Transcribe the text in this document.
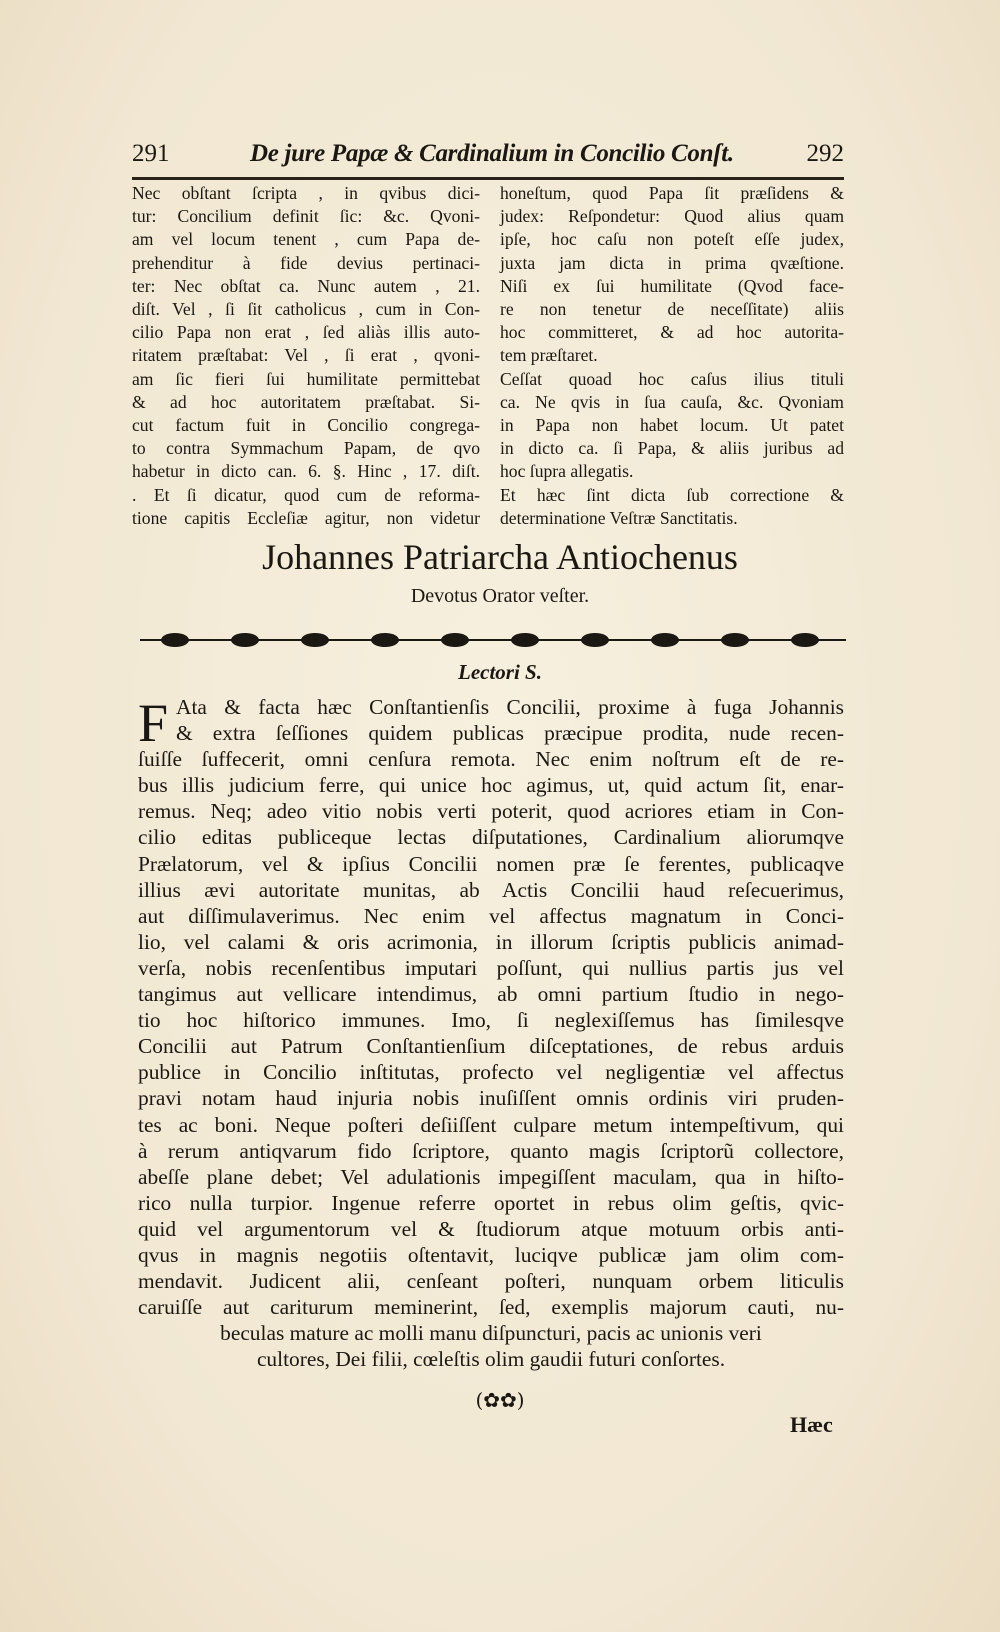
291	De jure Papæ & Cardinalium in Concilio Conſt.	292
Nec obſtant ſcripta , in qvibus dici-
tur: Concilium definit ſic: &c. Qvoni-
am vel locum tenent , cum Papa de-
prehenditur à fide devius pertinaci-
ter: Nec obſtat ca. Nunc autem , 21.
diſt. Vel , ſi ſit catholicus , cum in Con-
cilio Papa non erat , ſed aliàs illis auto-
ritatem præſtabat: Vel , ſi erat , qvoni-
am ſic fieri ſui humilitate permittebat
& ad hoc autoritatem præſtabat. Si-
cut factum fuit in Concilio congrega-
to contra Symmachum Papam, de qvo
habetur in dicto can. 6. §. Hinc , 17. diſt.
. Et ſi dicatur, quod cum de reforma-
tione capitis Eccleſiæ agitur, non videtur
honeſtum, quod Papa ſit præſidens &
judex: Reſpondetur: Quod alius quam
ipſe, hoc caſu non poteſt eſſe judex,
juxta jam dicta in prima qvæſtione.
Niſi ex ſui humilitate (Qvod face-
re non tenetur de neceſſitate) aliis
hoc committeret, & ad hoc autorita-
tem præſtaret.
Ceſſat quoad hoc caſus ilius tituli
ca. Ne qvis in ſua cauſa, &c. Qvoniam
in Papa non habet locum. Ut patet
in dicto ca. ſi Papa, & aliis juribus ad
hoc ſupra allegatis.
Et hæc ſint dicta ſub correctione &
determinatione Veſtræ Sanctitatis.
Johannes Patriarcha Antiochenus
Devotus Orator veſter.
Lectori S.
F Ata & facta hæc Conſtantienſis Concilii, proxime à fuga Johannis
& extra ſeſſiones quidem publicas præcipue prodita, nude recen-
ſuiſſe ſuffecerit, omni cenſura remota. Nec enim noſtrum eſt de re-
bus illis judicium ferre, qui unice hoc agimus, ut, quid actum ſit, enar-
remus. Neq; adeo vitio nobis verti poterit, quod acriores etiam in Con-
cilio editas publiceque lectas diſputationes, Cardinalium aliorumqve
Prælatorum, vel & ipſius Concilii nomen præ ſe ferentes, publicaqve
illius ævi autoritate munitas, ab Actis Concilii haud reſecuerimus,
aut diſſimulaverimus. Nec enim vel affectus magnatum in Conci-
lio, vel calami & oris acrimonia, in illorum ſcriptis publicis animad-
verſa, nobis recenſentibus imputari poſſunt, qui nullius partis jus vel
tangimus aut vellicare intendimus, ab omni partium ſtudio in nego-
tio hoc hiſtorico immunes. Imo, ſi neglexiſſemus has ſimilesqve
Concilii aut Patrum Conſtantienſium diſceptationes, de rebus arduis
publice in Concilio inſtitutas, profecto vel negligentiæ vel affectus
pravi notam haud injuria nobis inuſiſſent omnis ordinis viri pruden-
tes ac boni. Neque poſteri deſiiſſent culpare metum intempeſtivum, qui
à rerum antiqvarum fido ſcriptore, quanto magis ſcriptorũ collectore,
abeſſe plane debet; Vel adulationis impegiſſent maculam, qua in hiſto-
rico nulla turpior. Ingenue referre oportet in rebus olim geſtis, qvic-
quid vel argumentorum vel & ſtudiorum atque motuum orbis anti-
qvus in magnis negotiis oſtentavit, luciqve publicæ jam olim com-
mendavit. Judicent alii, cenſeant poſteri, nunquam orbem liticulis
caruiſſe aut cariturum meminerint, ſed, exemplis majorum cauti, nu-
beculas mature ac molli manu diſpuncturi, pacis ac unionis veri
cultores, Dei filii, cœleſtis olim gaudii futuri conſortes.
(✿✿)
Hæc
